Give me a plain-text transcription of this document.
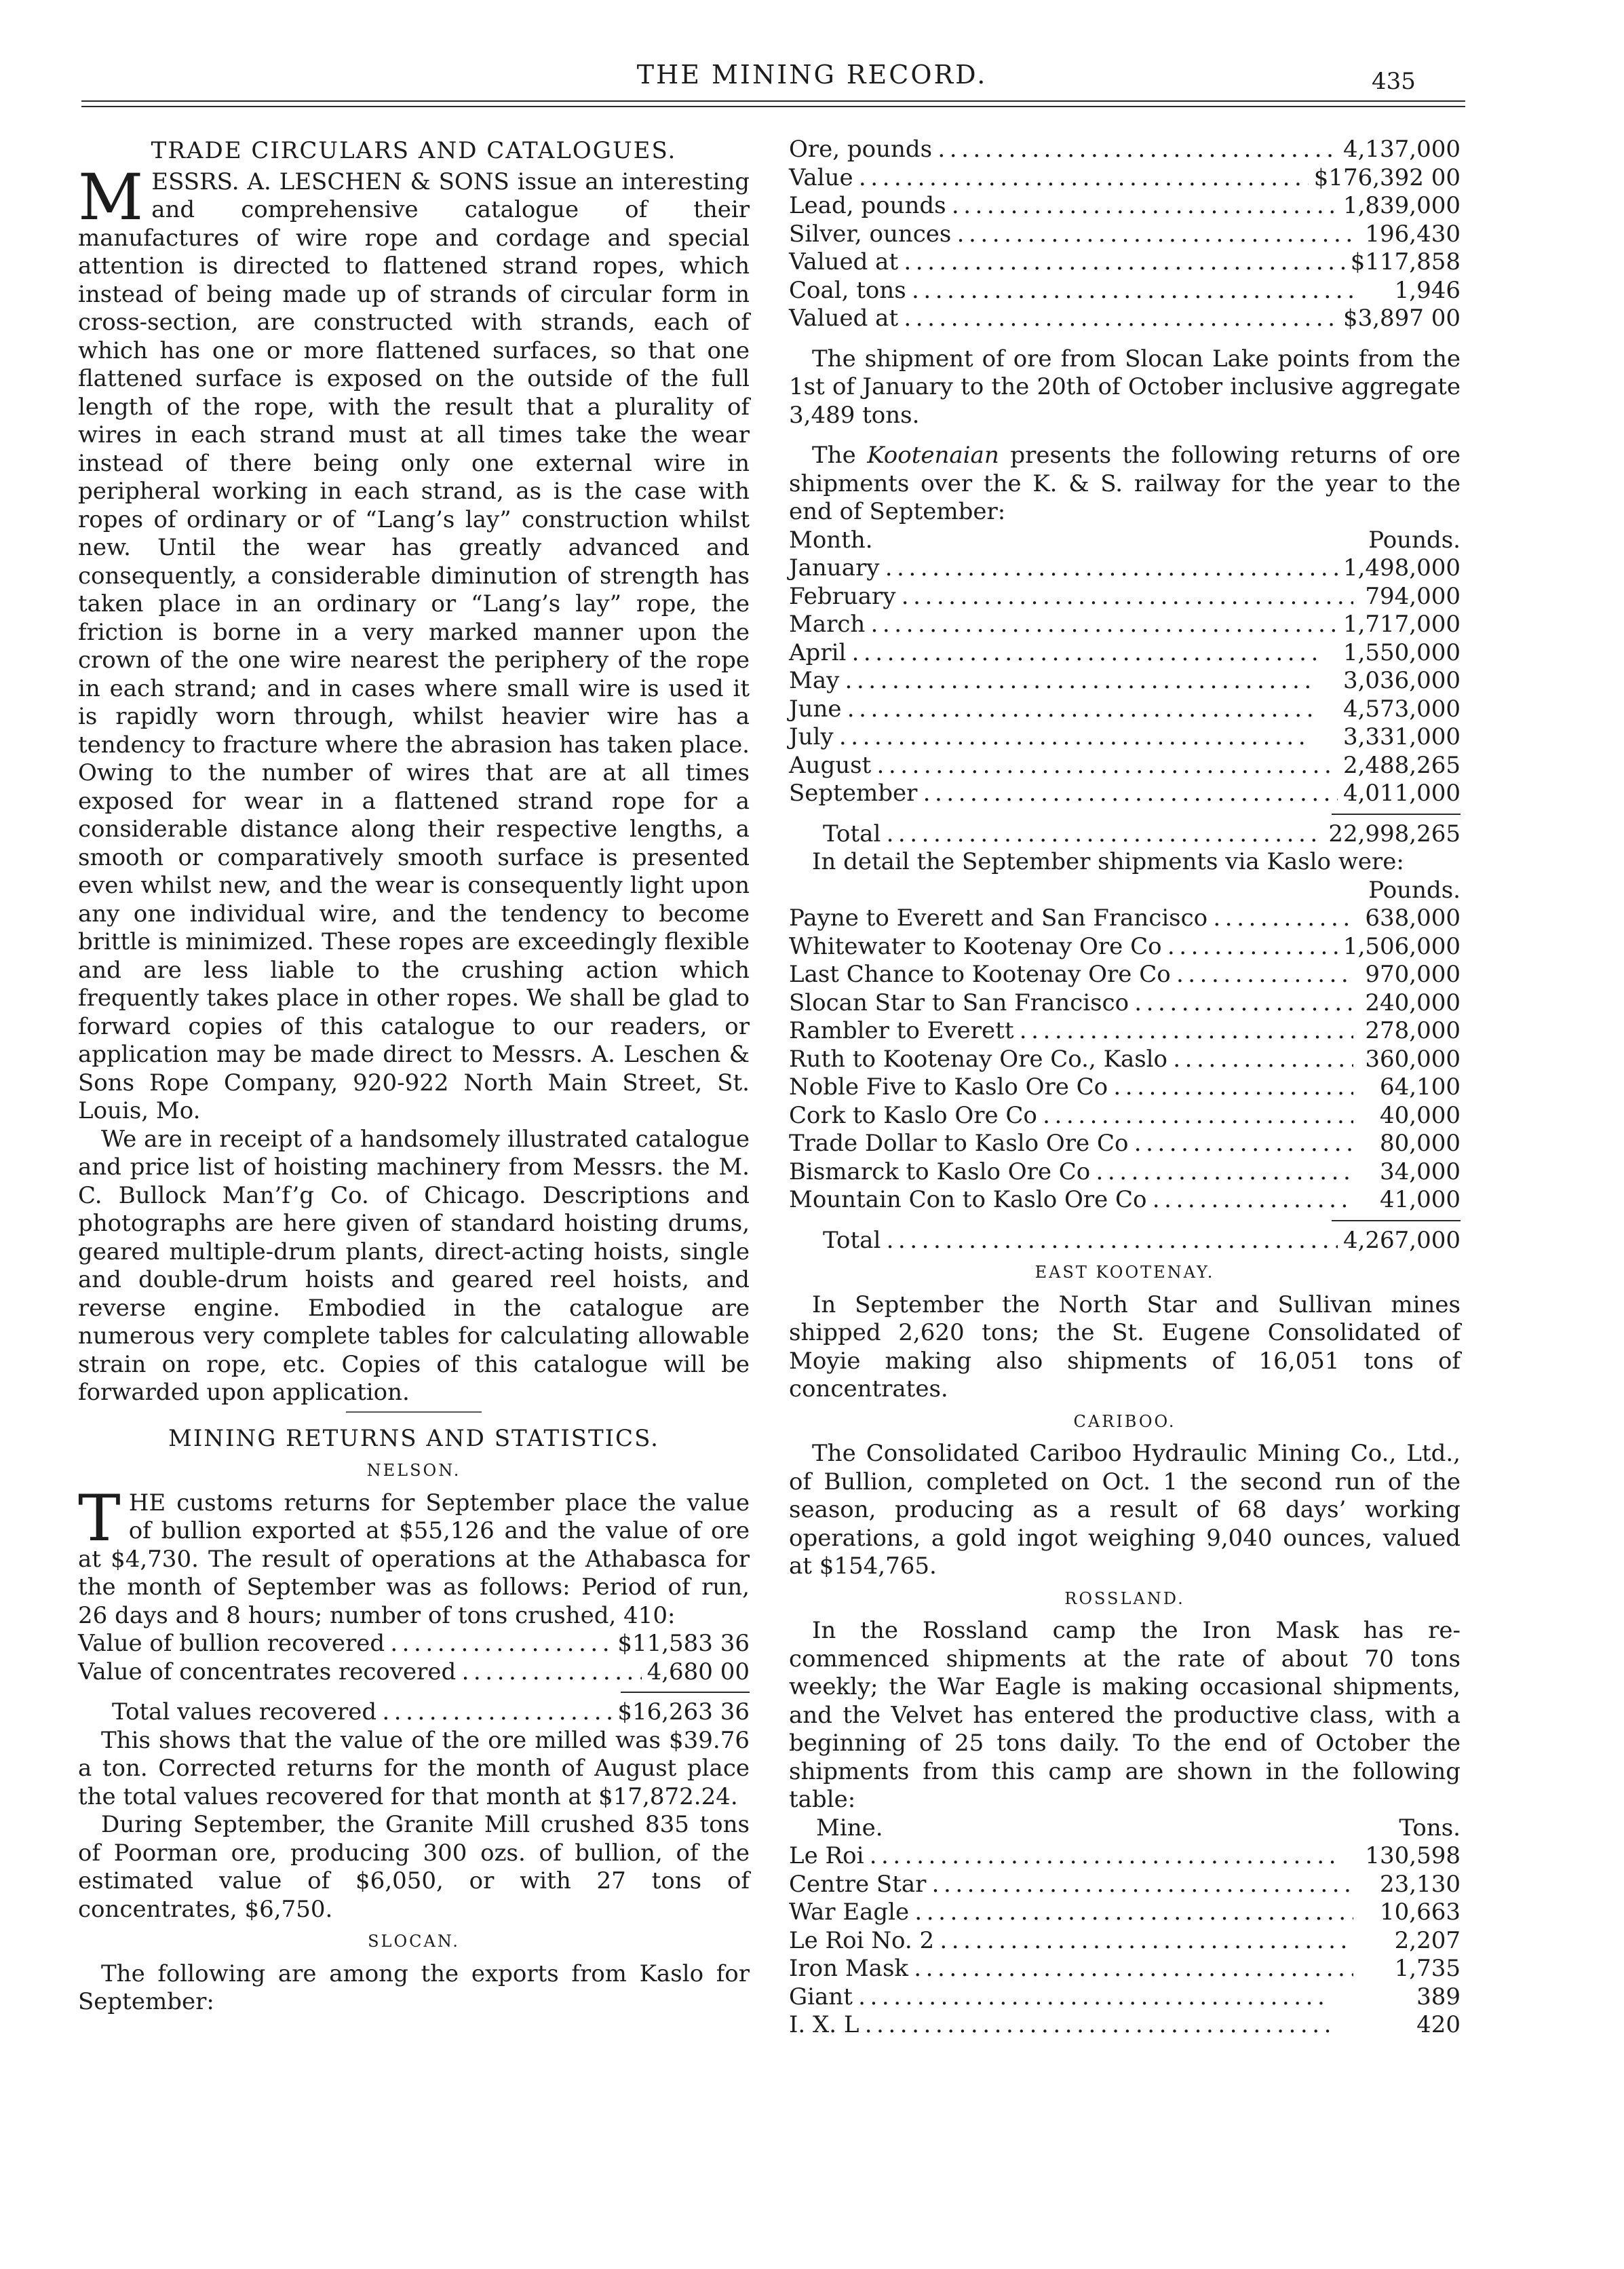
THE MINING RECORD.	435
TRADE CIRCULARS AND CATALOGUES.

MESSRS. A. LESCHEN & SONS issue an interesting and comprehensive catalogue of their manufactures of wire rope and cordage and special attention is directed to flattened strand ropes, which instead of being made up of strands of circular form in cross-section, are constructed with strands, each of which has one or more flattened surfaces, so that one flattened surface is exposed on the outside of the full length of the rope, with the result that a plurality of wires in each strand must at all times take the wear instead of there being only one external wire in peripheral working in each strand, as is the case with ropes of ordinary or of “Lang’s lay” construction whilst new. Until the wear has greatly advanced and consequently, a considerable diminution of strength has taken place in an ordinary or “Lang’s lay” rope, the friction is borne in a very marked manner upon the crown of the one wire nearest the periphery of the rope in each strand; and in cases where small wire is used it is rapidly worn through, whilst heavier wire has a tendency to fracture where the abrasion has taken place. Owing to the number of wires that are at all times exposed for wear in a flattened strand rope for a considerable distance along their respective lengths, a smooth or comparatively smooth surface is presented even whilst new, and the wear is consequently light upon any one individual wire, and the tendency to become brittle is minimized. These ropes are exceedingly flexible and are less liable to the crushing action which frequently takes place in other ropes. We shall be glad to forward copies of this catalogue to our readers, or application may be made direct to Messrs. A. Leschen & Sons Rope Company, 920-922 North Main Street, St. Louis, Mo.

We are in receipt of a handsomely illustrated catalogue and price list of hoisting machinery from Messrs. the M. C. Bullock Man’f’g Co. of Chicago. Descriptions and photographs are here given of standard hoisting drums, geared multiple-drum plants, direct-acting hoists, single and double-drum hoists and geared reel hoists, and reverse engine. Embodied in the catalogue are numerous very complete tables for calculating allowable strain on rope, etc. Copies of this catalogue will be forwarded upon application.

MINING RETURNS AND STATISTICS.
NELSON.

THE customs returns for September place the value of bullion exported at $55,126 and the value of ore at $4,730. The result of operations at the Athabasca for the month of September was as follows: Period of run, 26 days and 8 hours; number of tons crushed, 410:

Value of bullion recovered ․․․․․․․․․․․․․․․․․․․․․․․․․․․․․․․․․․․․․․․․	$11,583 36
Value of concentrates recovered ․․․․․․․․․․․․․․․․․․․․․․․․․․․․․․․․․․․․․․․․	4,680 00
Total values recovered ․․․․․․․․․․․․․․․․․․․․․․․․․․․․․․․․․․․․․․․․	$16,263 36

This shows that the value of the ore milled was $39.76 a ton. Corrected returns for the month of August place the total values recovered for that month at $17,872.24.

During September, the Granite Mill crushed 835 tons of Poorman ore, producing 300 ozs. of bullion, of the estimated value of $6,050, or with 27 tons of concentrates, $6,750.

SLOCAN.

The following are among the exports from Kaslo for September:

Ore, pounds ․․․․․․․․․․․․․․․․․․․․․․․․․․․․․․․․․․․․․․․․	4,137,000
Value ․․․․․․․․․․․․․․․․․․․․․․․․․․․․․․․․․․․․․․․․	$176,392 00
Lead, pounds ․․․․․․․․․․․․․․․․․․․․․․․․․․․․․․․․․․․․․․․․	1,839,000
Silver, ounces ․․․․․․․․․․․․․․․․․․․․․․․․․․․․․․․․․․․․․․․․	196,430
Valued at ․․․․․․․․․․․․․․․․․․․․․․․․․․․․․․․․․․․․․․․․	$117,858
Coal, tons ․․․․․․․․․․․․․․․․․․․․․․․․․․․․․․․․․․․․․․․․	1,946
Valued at ․․․․․․․․․․․․․․․․․․․․․․․․․․․․․․․․․․․․․․․․	$3,897 00

The shipment of ore from Slocan Lake points from the 1st of January to the 20th of October inclusive aggregate 3,489 tons.

The Kootenaian presents the following returns of ore shipments over the K. & S. railway for the year to the end of September:

Month.	Pounds.
January ․․․․․․․․․․․․․․․․․․․․․․․․․․․․․․․․․․․․․․․․	1,498,000
February ․․․․․․․․․․․․․․․․․․․․․․․․․․․․․․․․․․․․․․․․	794,000
March ․․․․․․․․․․․․․․․․․․․․․․․․․․․․․․․․․․․․․․․․	1,717,000
April ․․․․․․․․․․․․․․․․․․․․․․․․․․․․․․․․․․․․․․․․	1,550,000
May ․․․․․․․․․․․․․․․․․․․․․․․․․․․․․․․․․․․․․․․․	3,036,000
June ․․․․․․․․․․․․․․․․․․․․․․․․․․․․․․․․․․․․․․․․	4,573,000
July ․․․․․․․․․․․․․․․․․․․․․․․․․․․․․․․․․․․․․․․․	3,331,000
August ․․․․․․․․․․․․․․․․․․․․․․․․․․․․․․․․․․․․․․․․	2,488,265
September ․․․․․․․․․․․․․․․․․․․․․․․․․․․․․․․․․․․․․․․․	4,011,000
Total ․․․․․․․․․․․․․․․․․․․․․․․․․․․․․․․․․․․․․․․․	22,998,265

In detail the September shipments via Kaslo were:

Pounds.
Payne to Everett and San Francisco ․․․․․․․․․․․․․․․․․․․․․․․․․․․․․․․․․․․․․․․․	638,000
Whitewater to Kootenay Ore Co ․․․․․․․․․․․․․․․․․․․․․․․․․․․․․․․․․․․․․․․․	1,506,000
Last Chance to Kootenay Ore Co ․․․․․․․․․․․․․․․․․․․․․․․․․․․․․․․․․․․․․․․․	970,000
Slocan Star to San Francisco ․․․․․․․․․․․․․․․․․․․․․․․․․․․․․․․․․․․․․․․․	240,000
Rambler to Everett ․․․․․․․․․․․․․․․․․․․․․․․․․․․․․․․․․․․․․․․․	278,000
Ruth to Kootenay Ore Co., Kaslo ․․․․․․․․․․․․․․․․․․․․․․․․․․․․․․․․․․․․․․․․	360,000
Noble Five to Kaslo Ore Co ․․․․․․․․․․․․․․․․․․․․․․․․․․․․․․․․․․․․․․․․	64,100
Cork to Kaslo Ore Co ․․․․․․․․․․․․․․․․․․․․․․․․․․․․․․․․․․․․․․․․	40,000
Trade Dollar to Kaslo Ore Co ․․․․․․․․․․․․․․․․․․․․․․․․․․․․․․․․․․․․․․․․	80,000
Bismarck to Kaslo Ore Co ․․․․․․․․․․․․․․․․․․․․․․․․․․․․․․․․․․․․․․․․	34,000
Mountain Con to Kaslo Ore Co ․․․․․․․․․․․․․․․․․․․․․․․․․․․․․․․․․․․․․․․․	41,000
Total ․․․․․․․․․․․․․․․․․․․․․․․․․․․․․․․․․․․․․․․․	4,267,000
EAST KOOTENAY.

In September the North Star and Sullivan mines shipped 2,620 tons; the St. Eugene Consolidated of Moyie making also shipments of 16,051 tons of concentrates.

CARIBOO.

The Consolidated Cariboo Hydraulic Mining Co., Ltd., of Bullion, completed on Oct. 1 the second run of the season, producing as a result of 68 days’ working operations, a gold ingot weighing 9,040 ounces, valued at $154,765.

ROSSLAND.

In the Rossland camp the Iron Mask has re-commenced shipments at the rate of about 70 tons weekly; the War Eagle is making occasional shipments, and the Velvet has entered the productive class, with a beginning of 25 tons daily. To the end of October the shipments from this camp are shown in the following table:

Mine.	Tons.
Le Roi ․․․․․․․․․․․․․․․․․․․․․․․․․․․․․․․․․․․․․․․․	130,598
Centre Star ․․․․․․․․․․․․․․․․․․․․․․․․․․․․․․․․․․․․․․․․	23,130
War Eagle ․․․․․․․․․․․․․․․․․․․․․․․․․․․․․․․․․․․․․․․․	10,663
Le Roi No. 2 ․․․․․․․․․․․․․․․․․․․․․․․․․․․․․․․․․․․․․․․․	2,207
Iron Mask ․․․․․․․․․․․․․․․․․․․․․․․․․․․․․․․․․․․․․․․․	1,735
Giant ․․․․․․․․․․․․․․․․․․․․․․․․․․․․․․․․․․․․․․․․	389
I. X. L ․․․․․․․․․․․․․․․․․․․․․․․․․․․․․․․․․․․․․․․․	420
